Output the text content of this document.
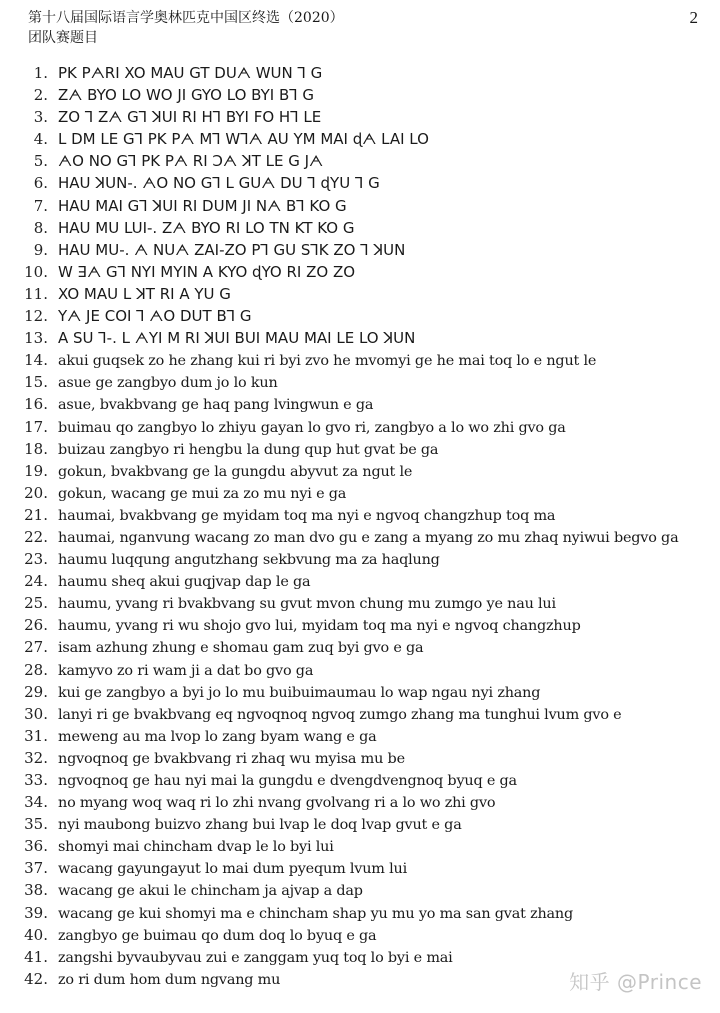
第十八届国际语言学奥林匹克中国区终选（2020）	2
团队赛题目
1. PK PᗅRI XO MAU GT DUᗅ WUN ꓶ G
2. Zᗅ BYO LO WO JI GYO LO BYI Bꓶ G
3. ZO ꓶ Zᗅ Gꓶ ꓘUI RI Hꓶ BYI FO Hꓶ LE
4. L DM LE Gꓶ PK Pᗅ Mꓶ Wꓶᗅ AU YM MAI ɖᗅ LAI LO
5. ᗅO NO Gꓶ PK Pᗅ RI ꓛᗅ ꓘT LE G Jᗅ
6. HAU ꓘUN-. ᗅO NO Gꓶ L GUᗅ DU ꓶ ɖYU ꓶ G
7. HAU MAI Gꓶ ꓘUI RI DUM JI Nᗅ Bꓶ KO G
8. HAU MU LUI-. Zᗅ BYO RI LO TN KT KO G
9. HAU MU-. ᗅ NUᗅ ZAI-ZO Pꓶ GU SꓶK ZO ꓶ ꓘUN
10. W ꓱᗅ Gꓶ NYI MYIN A KYO ɖYO RI ZO ZO
11. XO MAU L ꓘT RI A YU G
12. Yᗅ JE COI ꓶ ᗅO DUT Bꓶ G
13. A SU ꓶ-. L ᗅYI M RI ꓘUI BUI MAU MAI LE LO ꓘUN
14. akui guqsek zo he zhang kui ri byi zvo he mvomyi ge he mai toq lo e ngut le
15. asue ge zangbyo dum jo lo kun
16. asue, bvakbvang ge haq pang lvingwun e ga
17. buimau qo zangbyo lo zhiyu gayan lo gvo ri, zangbyo a lo wo zhi gvo ga
18. buizau zangbyo ri hengbu la dung qup hut gvat be ga
19. gokun, bvakbvang ge la gungdu abyvut za ngut le
20. gokun, wacang ge mui za zo mu nyi e ga
21. haumai, bvakbvang ge myidam toq ma nyi e ngvoq changzhup toq ma
22. haumai, nganvung wacang zo man dvo gu e zang a myang zo mu zhaq nyiwui begvo ga
23. haumu luqqung angutzhang sekbvung ma za haqlung
24. haumu sheq akui guqjvap dap le ga
25. haumu, yvang ri bvakbvang su gvut mvon chung mu zumgo ye nau lui
26. haumu, yvang ri wu shojo gvo lui, myidam toq ma nyi e ngvoq changzhup
27. isam azhung zhung e shomau gam zuq byi gvo e ga
28. kamyvo zo ri wam ji a dat bo gvo ga
29. kui ge zangbyo a byi jo lo mu buibuimaumau lo wap ngau nyi zhang
30. lanyi ri ge bvakbvang eq ngvoqnoq ngvoq zumgo zhang ma tunghui lvum gvo e
31. meweng au ma lvop lo zang byam wang e ga
32. ngvoqnoq ge bvakbvang ri zhaq wu myisa mu be
33. ngvoqnoq ge hau nyi mai la gungdu e dvengdvengnoq byuq e ga
34. no myang woq waq ri lo zhi nvang gvolvang ri a lo wo zhi gvo
35. nyi maubong buizvo zhang bui lvap le doq lvap gvut e ga
36. shomyi mai chincham dvap le lo byi lui
37. wacang gayungayut lo mai dum pyequm lvum lui
38. wacang ge akui le chincham ja ajvap a dap
39. wacang ge kui shomyi ma e chincham shap yu mu yo ma san gvat zhang
40. zangbyo ge buimau qo dum doq lo byuq e ga
41. zangshi byvaubyvau zui e zanggam yuq toq lo byi e mai
42. zo ri dum hom dum ngvang mu	知乎 @Prince
